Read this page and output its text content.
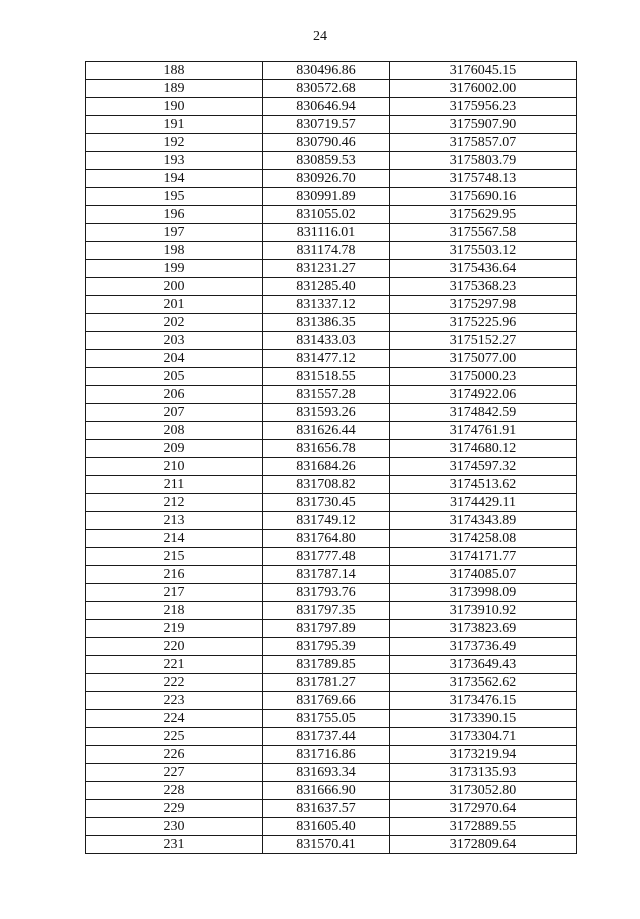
24
188	830496.86	3176045.15
189	830572.68	3176002.00
190	830646.94	3175956.23
191	830719.57	3175907.90
192	830790.46	3175857.07
193	830859.53	3175803.79
194	830926.70	3175748.13
195	830991.89	3175690.16
196	831055.02	3175629.95
197	831116.01	3175567.58
198	831174.78	3175503.12
199	831231.27	3175436.64
200	831285.40	3175368.23
201	831337.12	3175297.98
202	831386.35	3175225.96
203	831433.03	3175152.27
204	831477.12	3175077.00
205	831518.55	3175000.23
206	831557.28	3174922.06
207	831593.26	3174842.59
208	831626.44	3174761.91
209	831656.78	3174680.12
210	831684.26	3174597.32
211	831708.82	3174513.62
212	831730.45	3174429.11
213	831749.12	3174343.89
214	831764.80	3174258.08
215	831777.48	3174171.77
216	831787.14	3174085.07
217	831793.76	3173998.09
218	831797.35	3173910.92
219	831797.89	3173823.69
220	831795.39	3173736.49
221	831789.85	3173649.43
222	831781.27	3173562.62
223	831769.66	3173476.15
224	831755.05	3173390.15
225	831737.44	3173304.71
226	831716.86	3173219.94
227	831693.34	3173135.93
228	831666.90	3173052.80
229	831637.57	3172970.64
230	831605.40	3172889.55
231	831570.41	3172809.64
